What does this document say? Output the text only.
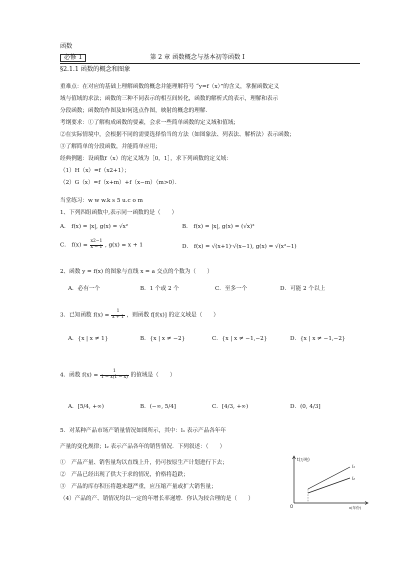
函数
必修 1	第 2 章 函数概念与基本初等函数 I
§2.1.1 函数的概念和图象
重难点：在对应的基础上理解函数的概念并能理解符号 “y=f（x）”的含义，掌握函数定义
域与值域的求法；函数的三种不同表示的相互间转化，函数的解析式的表示，理解和表示
分段函数；函数的作图及如何选点作图，映射的概念的理解．
考纲要求：①了解构成函数的要素，会求一些简单函数的定义域和值域；
②在实际情境中，会根据不同的需要选择恰当的方法（如图象法、列表法、解析法）表示函数；
③了解简单的分段函数，并能简单应用；
经典例题：设函数f（x）的定义域为［0，1］，求下列函数的定义域：
（1）H（x）=f（x2+1）；
（2）G（x）=f（x+m）+f（x−m）（m>0）．
当堂练习：w w w.k s 5 u.c o m
1、下列四组函数中,表示同一函数的是（　　）
A． f(x) = |x|, g(x) = √x²	B． f(x) = |x|, g(x) = (√x)²
C． $f(x) = \frac{x2-1}{x - 1}$ , g(x) = x + 1	D． f(x) = √(x+1)·√(x−1), g(x) = √(x²−1)
2、函数 y = f(x) 的图象与直线 x = a 交点的个数为（　　）
A．必有一个	B．1 个或 2 个	C．至多一个	D．可能 2 个以上
3．已知函数 $f(x) = \frac{1}{x + 1}$ ，则函数 f[f(x)] 的定义域是（　　）
A．{x | x ≠ 1}	B．{x | x ≠ −2}	C．{x | x ≠ −1,−2}	D．{x | x ≠ −1,−2}
4．函数 $f(x) = \frac{1}{1 - x(1 - x)}$ 的值域是（　　）
A．[5/4, +∞)	B．(−∞, 5/4]	C．[4/3, +∞)	D．(0, 4/3]
5．对某种产品市场产销量情况如图所示，其中：l₁ 表示产品各年年
产量的变化规律；l₂ 表示产品各年的销售情况．下列叙述：（　　）
①　产品产量、销售量均以直线上升，仍可按原生产计划进行下去；
②　产品已经出现了供大于求的情况，价格将趋跌；
③　产品的库存积压将越来越严重，应压缩产量或扩大销售量；
（4）产品的产、销情况均以一定的年增长率递增．你认为较合理的是（　　）
t(万吨)
x(年份)
O
l₁
l₂
